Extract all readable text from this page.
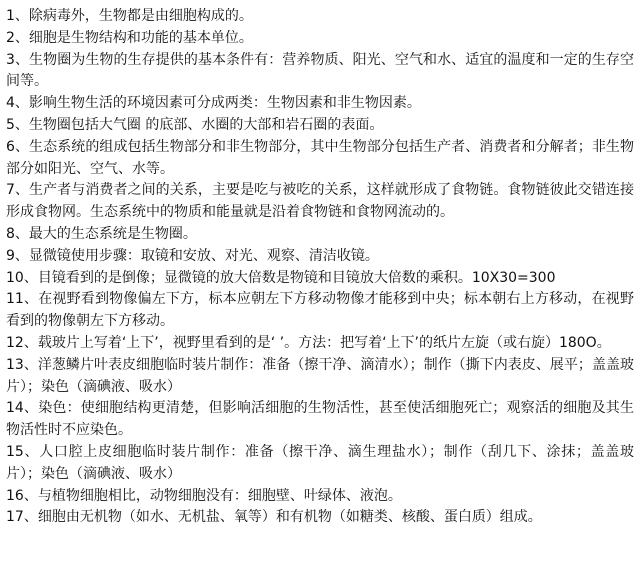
1、除病毒外，生物都是由细胞构成的。
2、细胞是生物结构和功能的基本单位。
3、生物圈为生物的生存提供的基本条件有：营养物质、阳光、空气和水、适宜的温度和一定的生存空间等。
4、影响生物生活的环境因素可分成两类：生物因素和非生物因素。
5、生物圈包括大气圈 的底部、水圈的大部和岩石圈的表面。
6、生态系统的组成包括生物部分和非生物部分，其中生物部分包括生产者、消费者和分解者；非生物部分如阳光、空气、水等。
7、生产者与消费者之间的关系，主要是吃与被吃的关系，这样就形成了食物链。食物链彼此交错连接形成食物网。生态系统中的物质和能量就是沿着食物链和食物网流动的。
8、最大的生态系统是生物圈。
9、显微镜使用步骤：取镜和安放、对光、观察、清洁收镜。
10、目镜看到的是倒像；显微镜的放大倍数是物镜和目镜放大倍数的乘积。10X30=300
11、在视野看到物像偏左下方，标本应朝左下方移动物像才能移到中央；标本朝右上方移动，在视野看到的物像朝左下方移动。
12、载玻片上写着‘上下’，视野里看到的是‘ ’。方法：把写着‘上下’的纸片左旋（或右旋）180O。
13、洋葱鳞片叶表皮细胞临时装片制作：准备（擦干净、滴清水）；制作（撕下内表皮、展平；盖盖玻片）；染色（滴碘液、吸水）
14、染色：使细胞结构更清楚，但影响活细胞的生物活性，甚至使活细胞死亡；观察活的细胞及其生物活性时不应染色。
15、人口腔上皮细胞临时装片制作：准备（擦干净、滴生理盐水）；制作（刮几下、涂抹；盖盖玻片）；染色（滴碘液、吸水）
16、与植物细胞相比，动物细胞没有：细胞壁、叶绿体、液泡。
17、细胞由无机物（如水、无机盐、氧等）和有机物（如糖类、核酸、蛋白质）组成。
